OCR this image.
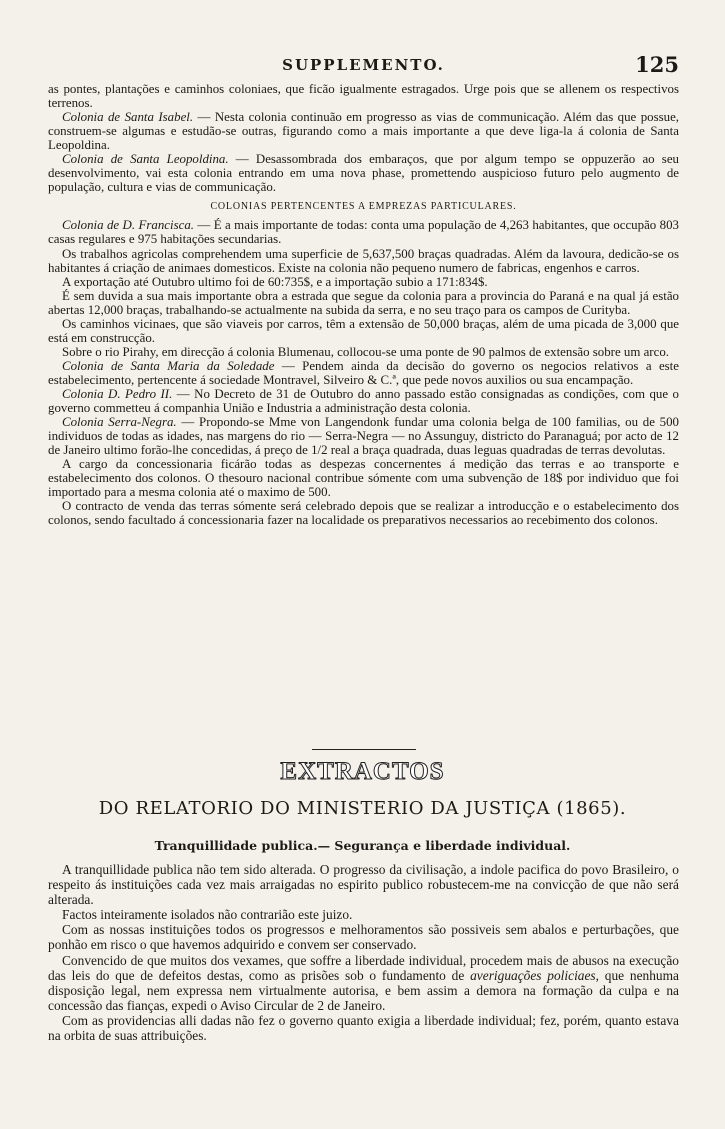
SUPPLEMENTO.	125

as pontes, plantações e caminhos coloniaes, que ficão igualmente estragados. Urge pois que se allenem os respectivos terrenos.

Colonia de Santa Isabel. — Nesta colonia continuão em progresso as vias de communicação. Além das que possue, construem-se algumas e estudão-se outras, figurando como a mais importante a que deve liga-la á colonia de Santa Leopoldina.

Colonia de Santa Leopoldina. — Desassombrada dos embaraços, que por algum tempo se oppuzerão ao seu desenvolvimento, vai esta colonia entrando em uma nova phase, promettendo auspicioso futuro pelo augmento de população, cultura e vias de communicação.

COLONIAS PERTENCENTES A EMPREZAS PARTICULARES.

Colonia de D. Francisca. — É a mais importante de todas: conta uma população de 4,263 habitantes, que occupão 803 casas regulares e 975 habitações secundarias.

Os trabalhos agricolas comprehendem uma superficie de 5,637,500 braças quadradas. Além da lavoura, dedicão-se os habitantes á criação de animaes domesticos. Existe na colonia não pequeno numero de fabricas, engenhos e carros.

A exportação até Outubro ultimo foi de 60:735$, e a importação subio a 171:834$.

É sem duvida a sua mais importante obra a estrada que segue da colonia para a provincia do Paraná e na qual já estão abertas 12,000 braças, trabalhando-se actualmente na subida da serra, e no seu traço para os campos de Curityba.

Os caminhos vicinaes, que são viaveis por carros, têm a extensão de 50,000 braças, além de uma picada de 3,000 que está em construcção.

Sobre o rio Pirahy, em direcção á colonia Blumenau, collocou-se uma ponte de 90 palmos de extensão sobre um arco.

Colonia de Santa Maria da Soledade — Pendem ainda da decisão do governo os negocios relativos a este estabelecimento, pertencente á sociedade Montravel, Silveiro & C.ª, que pede novos auxilios ou sua encampação.

Colonia D. Pedro II. — No Decreto de 31 de Outubro do anno passado estão consignadas as condições, com que o governo commetteu á companhia União e Industria a administração desta colonia.

Colonia Serra-Negra. — Propondo-se Mme von Langendonk fundar uma colonia belga de 100 familias, ou de 500 individuos de todas as idades, nas margens do rio — Serra-Negra — no Assunguy, districto do Paranaguá; por acto de 12 de Janeiro ultimo forão-lhe concedidas, á preço de 1/2 real a braça quadrada, duas leguas quadradas de terras devolutas.

A cargo da concessionaria ficárão todas as despezas concernentes á medição das terras e ao transporte e estabelecimento dos colonos. O thesouro nacional contribue sómente com uma subvenção de 18$ por individuo que foi importado para a mesma colonia até o maximo de 500.

O contracto de venda das terras sómente será celebrado depois que se realizar a introducção e o estabelecimento dos colonos, sendo facultado á concessionaria fazer na localidade os preparativos necessarios ao recebimento dos colonos.

EXTRACTOS
DO RELATORIO DO MINISTERIO DA JUSTIÇA (1865).
Tranquillidade publica.— Segurança e liberdade individual.

A tranquillidade publica não tem sido alterada. O progresso da civilisação, a indole pacifica do povo Brasileiro, o respeito ás instituições cada vez mais arraigadas no espirito publico robustecem-me na convicção de que não será alterada.

Factos inteiramente isolados não contrarião este juizo.

Com as nossas instituições todos os progressos e melhoramentos são possiveis sem abalos e perturbações, que ponhão em risco o que havemos adquirido e convem ser conservado.

Convencido de que muitos dos vexames, que soffre a liberdade individual, procedem mais de abusos na execução das leis do que de defeitos destas, como as prisões sob o fundamento de averiguações policiaes, que nenhuma disposição legal, nem expressa nem virtualmente autorisa, e bem assim a demora na formação da culpa e na concessão das fianças, expedi o Aviso Circular de 2 de Janeiro.

Com as providencias alli dadas não fez o governo quanto exigia a liberdade individual; fez, porém, quanto estava na orbita de suas attribuições.
